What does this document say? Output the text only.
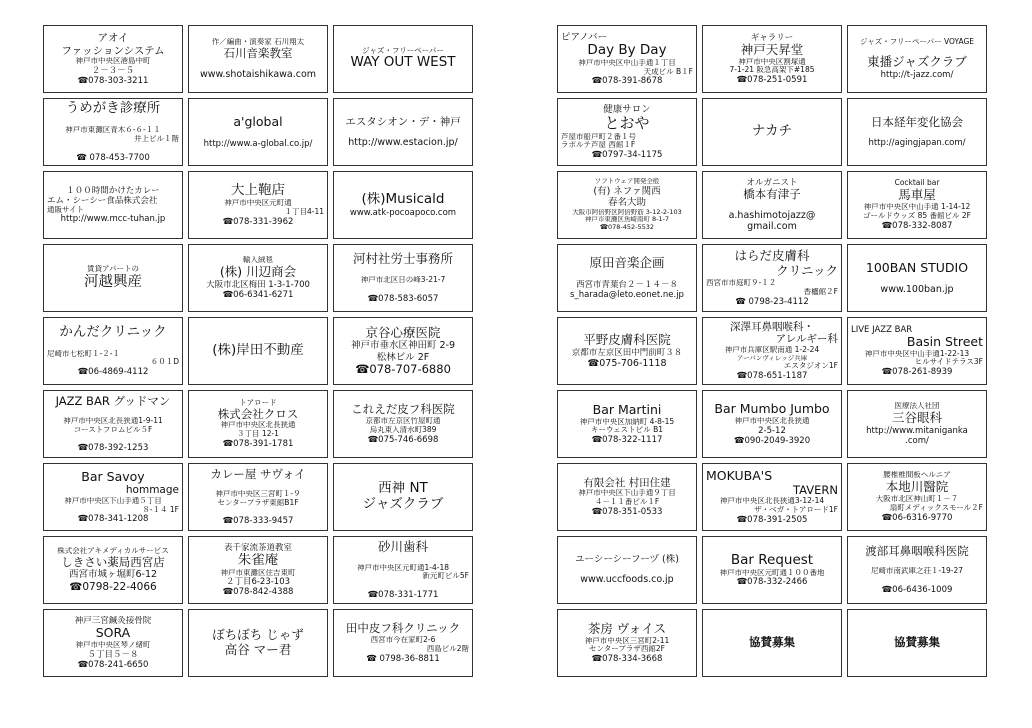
アオイ
ファッションシステム
神戸市中央区港島中町
２－３－５
☎078-303-3211
作／編曲・演奏家 石川翔太
石川音楽教室

www.shotaishikawa.com
ジャズ・フリーペーパー
WAY OUT WEST
うめがき診療所

神戸市東灘区青木６-６-１１
井上ビル１階

☎ 078-453-7700
a'global

http://www.a-global.co.jp/
エスタシオン・デ・神戸

http://www.estacion.jp/
１００時間かけたカレー
エム・シーシー食品株式会社
通販サイト
http://www.mcc-tuhan.jp
大上鞄店
神戸市中央区元町通
１丁目4-11
☎078-331-3962
(株)Musicald
www.atk-pocoapoco.com
賃貸アパートの
河越興産
輸入絨毯
(株) 川辺商会
大阪市北区梅田 1-3-1-700
☎06-6341-6271
河村社労士事務所

神戸市北区日の峰3-21-7

☎078-583-6057
かんだクリニック

尼崎市七松町１-２-１
６０１D
☎06-4869-4112
(株)岸田不動産
京谷心療医院
神戸市垂水区神田町 2-9
松林ビル 2F
☎078-707-6880
JAZZ BAR グッドマン

神戸市中央区北長狭通1-9-11
コーストフロムビル５F

☎078-392-1253
トアロード
株式会社クロス
神戸市中央区北長狭通
３丁目 12-1
☎078-391-1781
これえだ皮フ科医院
京都市左京区竹屋町通
烏丸東入清水町389
☎075-746-6698
Bar Savoy
hommage
神戸市中央区下山手通５丁目
８-１４ 1F
☎078-341-1208
カレー屋 サヴォイ

神戸市中央区三宮町１-９
センタープラザ東館B1F

☎078-333-9457
西神 NT
ジャズクラブ
株式会社アキメディカルサービス
しきさい薬局西宮店
西宮市城ヶ堀町6-12
☎0798-22-4066
表千家流茶道教室
朱雀庵
神戸市東灘区住吉東町
２丁目6-23-103
☎078-842-4388
砂川歯科

神戸市中央区元町通1-4-18
新元町ビル5F

☎078-331-1771
神戸三宮鍼灸接骨院
SORA
神戸市中央区琴ノ緒町
５丁目５－８
☎078-241-6650
ぼちぼち じゃず
高谷 マー君
田中皮フ科クリニック
西宮市今在家町2-6
西島ビル2階
☎ 0798-36-8811
ピアノバー
Day By Day
神戸市中央区中山手通１丁目
天成ビル B１F
☎078-391-8678
ギャラリー
神戸天昇堂
神戸市中央区割塚通
7-1-21 阪急高架下#185
☎078-251-0591
ジャズ・フリーペーパー VOYAGE

東播ジャズクラブ
http://t-jazz.com/
健康サロン
とおや
芦屋市船戸町２番１号
ラポルテ芦屋 西館１F
☎0797-34-1175
ナカチ
日本経年変化協会

http://agingjapan.com/
ソフトウェア開発全般
(有) ネファ関西
春名大助
大阪市阿倍野区阿倍野筋 3-12-2-103
神戸市東灘区魚崎南町 8-1-7
☎078-452-5532
オルガニスト
橋本有津子

a.hashimotojazz@
gmail.com
Cocktail bar
馬車屋
神戸市中央区中山手通 1-14-12
ゴールドウッズ 85 番館ビル 2F
☎078-332-8087
原田音楽企画

西宮市青葉台２－１４－８
s_harada@leto.eonet.ne.jp
はらだ皮膚科
クリニック
西宮市市庭町９-１２
香櫨館２F
☎ 0798-23-4112
100BAN STUDIO

www.100ban.jp
平野皮膚科医院
京都市左京区田中門前町３８
☎075-706-1118
深澤耳鼻咽喉科・
アレルギー科
神戸市兵庫区駅南通 1-2-24
アーバンヴィレッジ兵庫
エスタジオン1F
☎078-651-1187
LIVE JAZZ BAR
Basin Street
神戸市中央区中山手通1-22-13
ヒルサイドテラス3F
☎078-261-8939
Bar Martini
神戸市中央区加納町 4-8-15
キーウェストビル B1
☎078-322-1117
Bar Mumbo Jumbo
神戸市中央区北長狭通
2-5-12
☎090-2049-3920
医療法人社団
三谷眼科
http://www.mitaniganka
.com/
有限会社 村田住建
神戸市中央区下山手通９丁目
４－１１番ビル１F
☎078-351-0533
MOKUBA'S
TAVERN
神戸市中央区北長狭通3-12-14
ザ・ベガ・トアロード1F
☎078-391-2505
腰椎椎間板ヘルニア
本地川醫院
大阪市北区神山町１－７
扇町メディックスモール２F
☎06-6316-9770
ユーシーシーフーヅ (株)

www.uccfoods.co.jp
Bar Request
神戸市中央区元町通１００番地
☎078-332-2466
渡部耳鼻咽喉科医院

尼崎市南武庫之荘１-19-27

☎06-6436-1009
茶房 ヴォイス
神戸市中央区三宮町2-11
センタープラザ西館2F
☎078-334-3668
協賛募集	協賛募集
